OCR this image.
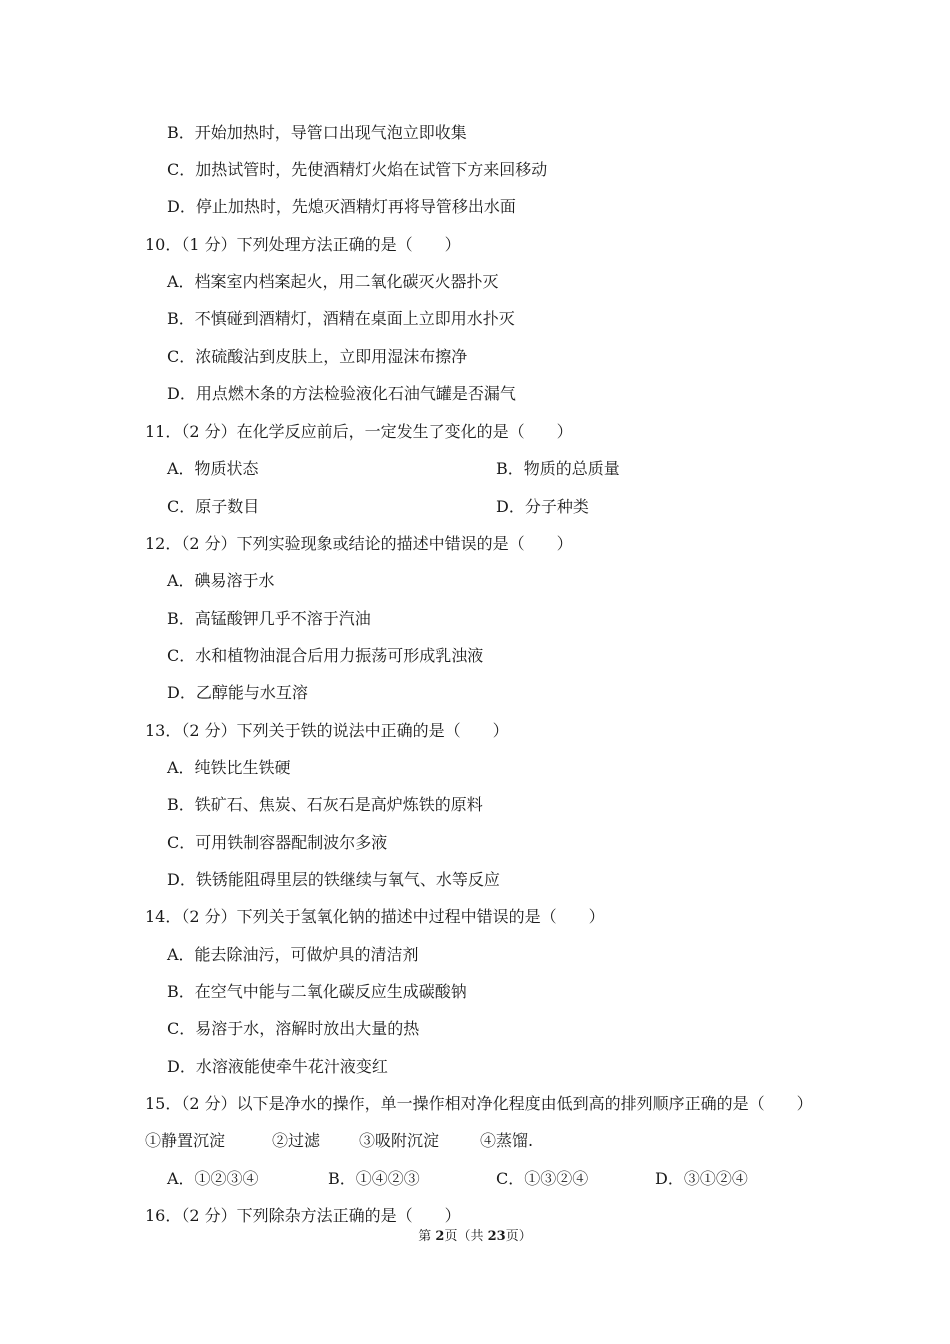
B．开始加热时，导管口出现气泡立即收集
C．加热试管时，先使酒精灯火焰在试管下方来回移动
D．停止加热时，先熄灭酒精灯再将导管移出水面
10．（1 分）下列处理方法正确的是（　　）
A．档案室内档案起火，用二氧化碳灭火器扑灭
B．不慎碰到酒精灯，酒精在桌面上立即用水扑灭
C．浓硫酸沾到皮肤上，立即用湿沫布擦净
D．用点燃木条的方法检验液化石油气罐是否漏气
11．（2 分）在化学反应前后，一定发生了变化的是（　　）
A．物质状态	B．物质的总质量
C．原子数目	D．分子种类
12．（2 分）下列实验现象或结论的描述中错误的是（　　）
A．碘易溶于水
B．高锰酸钾几乎不溶于汽油
C．水和植物油混合后用力振荡可形成乳浊液
D．乙醇能与水互溶
13．（2 分）下列关于铁的说法中正确的是（　　）
A．纯铁比生铁硬
B．铁矿石、焦炭、石灰石是高炉炼铁的原料
C．可用铁制容器配制波尔多液
D．铁锈能阻碍里层的铁继续与氧气、水等反应
14．（2 分）下列关于氢氧化钠的描述中过程中错误的是（　　）
A．能去除油污，可做炉具的清洁剂
B．在空气中能与二氧化碳反应生成碳酸钠
C．易溶于水，溶解时放出大量的热
D．水溶液能使牵牛花汁液变红
15．（2 分）以下是净水的操作，单一操作相对净化程度由低到高的排列顺序正确的是（　　）
①静置沉淀	②过滤 ③吸附沉淀	④蒸馏.
A．①②③④	B．①④②③	C．①③②④	D．③①②④
16．（2 分）下列除杂方法正确的是（　　）
第 2页（共 23页）
